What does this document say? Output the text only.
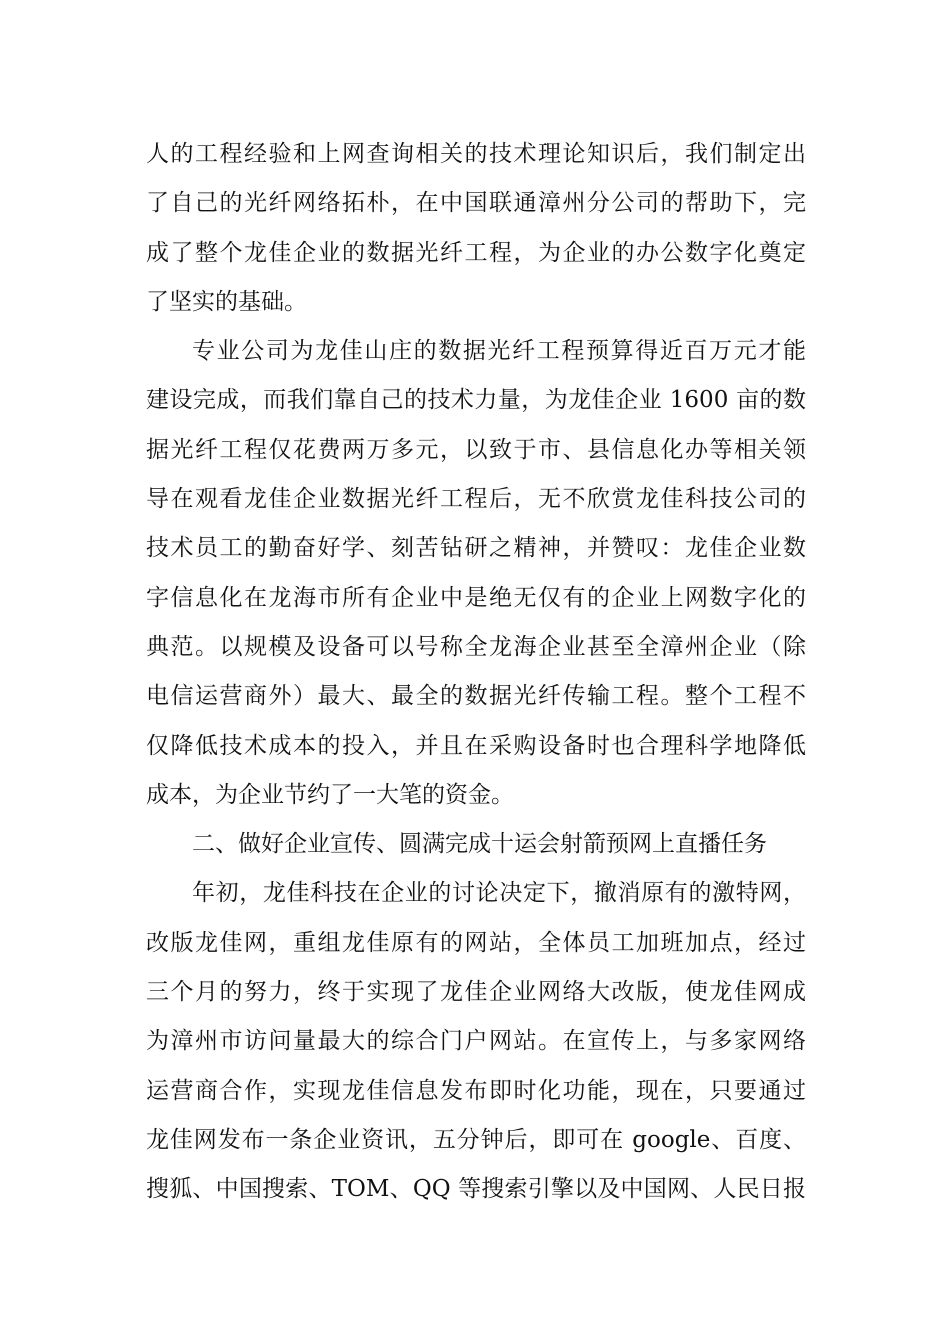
人的工程经验和上网查询相关的技术理论知识后，我们制定出
了自己的光纤网络拓朴，在中国联通漳州分公司的帮助下，完
成了整个龙佳企业的数据光纤工程，为企业的办公数字化奠定
了坚实的基础。
专业公司为龙佳山庄的数据光纤工程预算得近百万元才能
建设完成，而我们靠自己的技术力量，为龙佳企业 1600 亩的数
据光纤工程仅花费两万多元，以致于市、县信息化办等相关领
导在观看龙佳企业数据光纤工程后，无不欣赏龙佳科技公司的
技术员工的勤奋好学、刻苦钻研之精神，并赞叹：龙佳企业数
字信息化在龙海市所有企业中是绝无仅有的企业上网数字化的
典范。以规模及设备可以号称全龙海企业甚至全漳州企业（除
电信运营商外）最大、最全的数据光纤传输工程。整个工程不
仅降低技术成本的投入，并且在采购设备时也合理科学地降低
成本，为企业节约了一大笔的资金。
二、做好企业宣传、圆满完成十运会射箭预网上直播任务
年初，龙佳科技在企业的讨论决定下，撤消原有的激特网，
改版龙佳网，重组龙佳原有的网站，全体员工加班加点，经过
三个月的努力，终于实现了龙佳企业网络大改版，使龙佳网成
为漳州市访问量最大的综合门户网站。在宣传上，与多家网络
运营商合作，实现龙佳信息发布即时化功能，现在，只要通过
龙佳网发布一条企业资讯，五分钟后，即可在 google、百度、
搜狐、中国搜索、TOM、QQ 等搜索引擎以及中国网、人民日报
